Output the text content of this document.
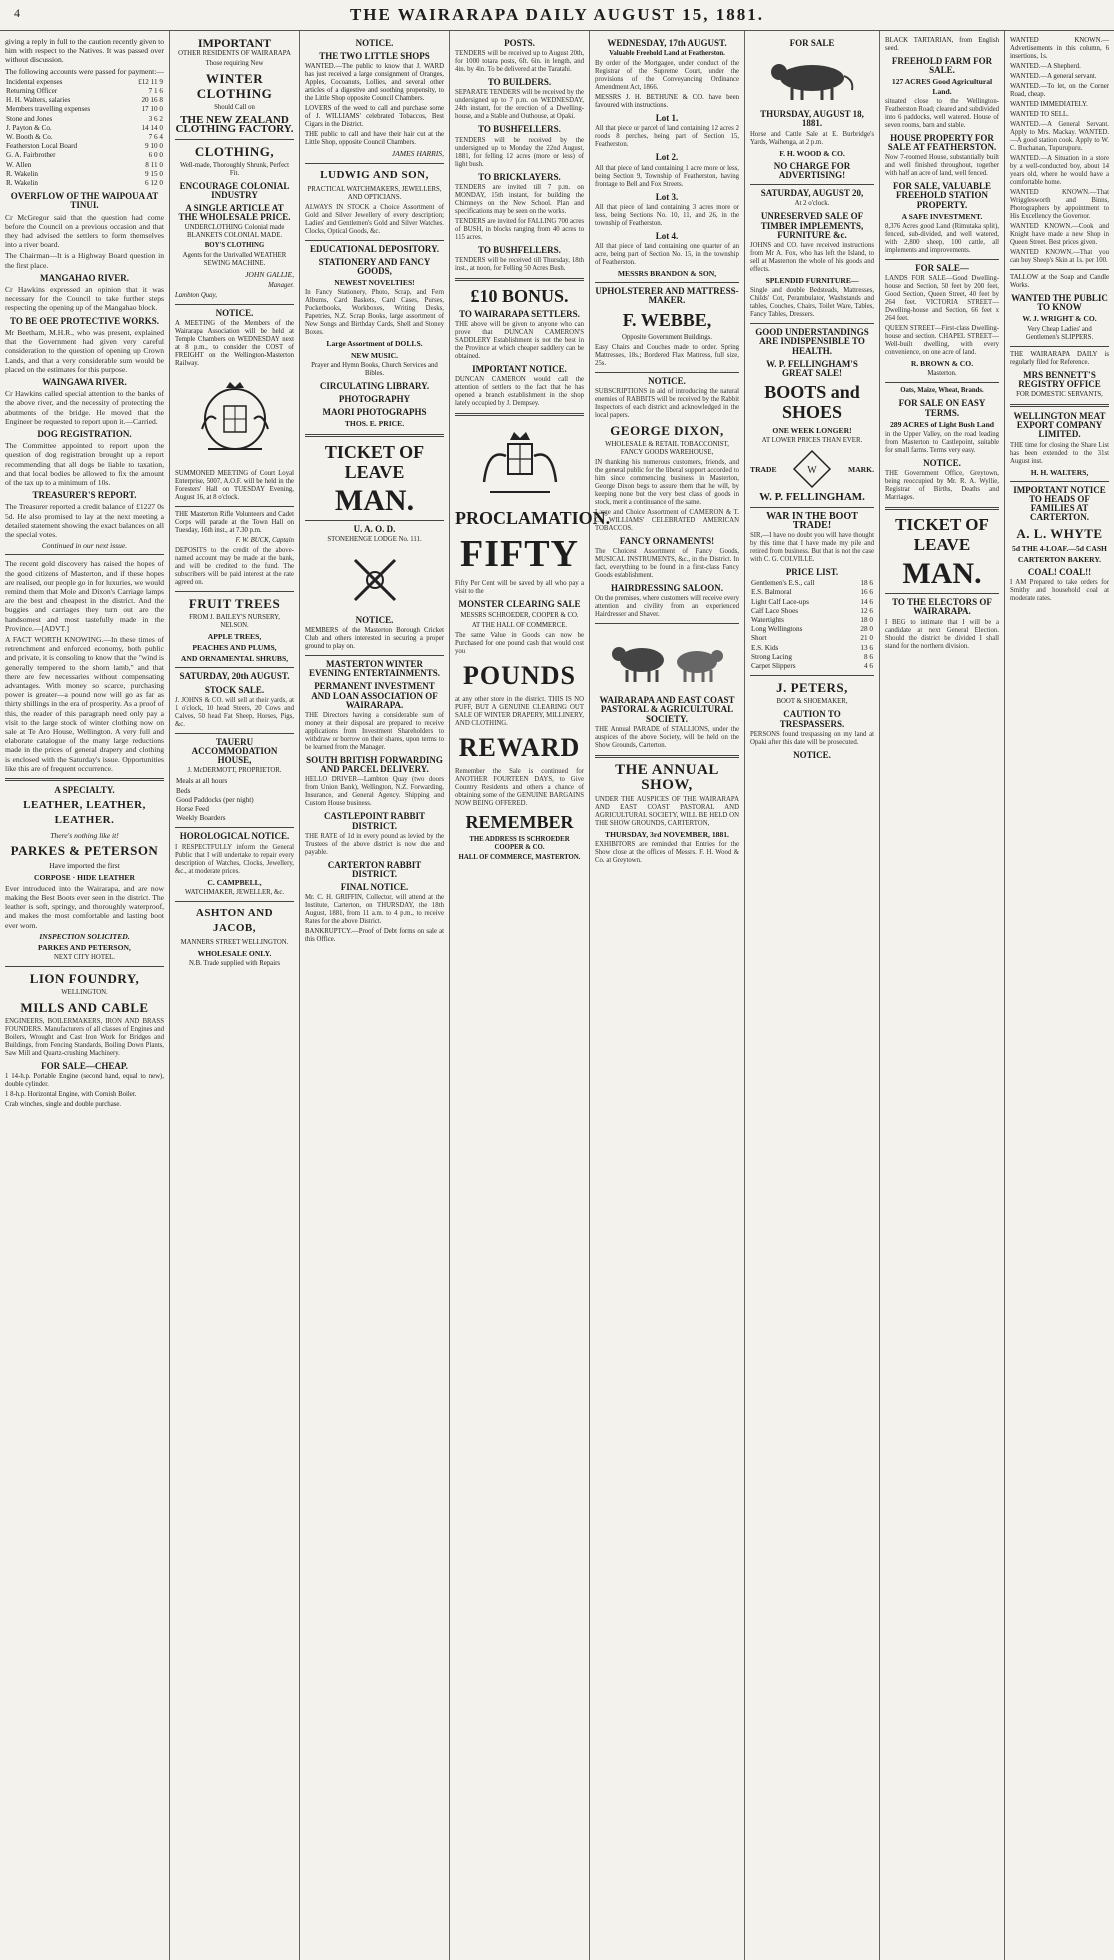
4	THE WAIRARAPA DAILY AUGUST 15, 1881.

giving a reply in full to the caution recently given to him with respect to the Natives. It was passed over without discussion.

The following accounts were passed for payment:—

Incidental expenses	£12 11 9
Returning Officer	7 1 6
H. H. Walters, salaries	20 16 8
Members travelling expenses	17 10 0
Stone and Jones	3 6 2
J. Payton & Co.	14 14 0
W. Booth & Co.	7 6 4
Featherston Local Board	9 10 0
G. A. Fairbrother	6 0 0
W. Allen	8 11 0
R. Wakelin	9 15 0
R. Wakelin	6 12 0
OVERFLOW OF THE WAIPOUA AT TINUI.

Cr McGregor said that the question had come before the Council on a previous occasion and that they had advised the settlers to form themselves into a river board.

The Chairman—It is a Highway Board question in the first place.

MANGAHAO RIVER.

Cr Hawkins expressed an opinion that it was necessary for the Council to take further steps respecting the opening up of the Mangahao block.

TO BE OEE PROTECTIVE WORKS.

Mr Beetham, M.H.R., who was present, explained that the Government had given very careful consideration to the question of opening up Crown Lands, and that a very considerable sum would be placed on the estimates for this purpose.

WAINGAWA RIVER.

Cr Hawkins called special attention to the banks of the above river, and the necessity of protecting the abutments of the bridge. He moved that the Engineer be requested to report upon it.—Carried.

DOG REGISTRATION.

The Committee appointed to report upon the question of dog registration brought up a report recommending that all dogs be liable to taxation, and that local bodies be allowed to fix the amount of the tax up to a minimum of 10s.

TREASURER'S REPORT.

The Treasurer reported a credit balance of £1227 0s 5d. He also promised to lay at the next meeting a detailed statement showing the exact balances on all the special votes.

Continued in our next issue.

The recent gold discovery has raised the hopes of the good citizens of Masterton, and if these hopes are realised, our people go in for luxuries, we would remind them that Mole and Dixon's Carriage lamps are the best and cheapest in the district. And the buggies and carriages they turn out are the handsomest and most tastefully made in the Province.—[ADVT.]

A FACT WORTH KNOWING.—In these times of retrenchment and enforced economy, both public and private, it is consoling to know that the "wind is generally tempered to the shorn lamb," and that there are few necessaries without compensating advantages. With money so scarce, purchasing power is greater—a pound now will go as far as thirty shillings in the era of prosperity. As a proof of this, the reader of this paragraph need only pay a visit to the large stock of winter clothing now on sale at Te Aro House, Wellington. A very full and elaborate catalogue of the many large reductions made in the prices of general drapery and clothing is enclosed with the Saturday's issue. Opportunities like this are of frequent occurrence.

A SPECIALTY.
LEATHER, LEATHER, LEATHER.

There's nothing like it!

PARKES & PETERSON

Have imported the first

CORPOSE · HIDE LEATHER

Ever introduced into the Wairarapa, and are now making the Best Boots ever seen in the district. The leather is soft, springy, and thoroughly waterproof, and makes the most comfortable and lasting boot ever worn.

INSPECTION SOLICITED.

PARKES AND PETERSON,

NEXT CITY HOTEL.

LION FOUNDRY,

WELLINGTON.

MILLS AND CABLE

ENGINEERS, BOILERMAKERS, IRON AND BRASS FOUNDERS. Manufacturers of all classes of Engines and Boilers, Wrought and Cast Iron Work for Bridges and Buildings, from Fencing Standards, Boiling Down Plants, Saw Mill and Quartz-crushing Machinery.

FOR SALE—CHEAP.

1 14-h.p. Portable Engine (second hand, equal to new), double cylinder.

1 8-h.p. Horizontal Engine, with Cornish Boiler.

Crab winches, single and double purchase.

IMPORTANT

OTHER RESIDENTS OF WAIRARAPA

Those requiring New

WINTER CLOTHING

Should Call on

THE NEW ZEALAND CLOTHING FACTORY.
CLOTHING,

Well-made, Thoroughly Shrunk, Perfect Fit.

ENCOURAGE COLONIAL INDUSTRY
A SINGLE ARTICLE AT THE WHOLESALE PRICE.

UNDERCLOTHING Colonial made BLANKETS COLONIAL MADE.

BOY'S CLOTHING

Agents for the Unrivalled WEATHER SEWING MACHINE.

JOHN GALLIE,

Manager.

Lambton Quay,

NOTICE.

A MEETING of the Members of the Wairarapa Association will be held at Temple Chambers on WEDNESDAY next at 8 p.m., to consider the COST of FREIGHT on the Wellington-Masterton Railway.

SUMMONED MEETING of Court Loyal Enterprise, 5007, A.O.F. will be held in the Foresters' Hall on TUESDAY Evening, August 16, at 8 o'clock.

THE Masterton Rifle Volunteers and Cadet Corps will parade at the Town Hall on Tuesday, 16th inst., at 7.30 p.m.

F. W. BUCK, Captain

DEPOSITS to the credit of the above-named account may be made at the bank, and will be credited to the fund. The subscribers will be paid interest at the rate agreed on.

FRUIT TREES

FROM J. BAILEY'S NURSERY, NELSON.

APPLE TREES,

PEACHES AND PLUMS,

AND ORNAMENTAL SHRUBS,

SATURDAY, 20th AUGUST.
STOCK SALE.

J. JOHNS & CO. will sell at their yards, at 1 o'clock, 10 head Steers, 20 Cows and Calves, 50 head Fat Sheep, Horses, Pigs, &c.

TAUERU ACCOMMODATION HOUSE,

J. McDERMOTT, PROPRIETOR.

Meals at all hours	
Beds	
Good Paddocks (per night)	
Horse Feed	
Weekly Boarders	
HOROLOGICAL NOTICE.

I RESPECTFULLY inform the General Public that I will undertake to repair every description of Watches, Clocks, Jewellery, &c., at moderate prices.

C. CAMPBELL,

WATCHMAKER, JEWELLER, &c.

ASHTON AND JACOB,

MANNERS STREET WELLINGTON.

WHOLESALE ONLY.

N.B. Trade supplied with Repairs

NOTICE.
THE TWO LITTLE SHOPS

WANTED.—The public to know that J. WARD has just received a large consignment of Oranges, Apples, Cocoanuts, Lollies, and several other articles of a digestive and soothing propensity, to the Little Shop opposite Council Chambers.

LOVERS of the weed to call and purchase some of J. WILLIAMS' celebrated Tobaccos, Best Cigars in the District.

THE public to call and have their hair cut at the Little Shop, opposite Council Chambers.

JAMES HARRIS,

LUDWIG AND SON,

PRACTICAL WATCHMAKERS, JEWELLERS, AND OPTICIANS.

ALWAYS IN STOCK a Choice Assortment of Gold and Silver Jewellery of every description; Ladies' and Gentlemen's Gold and Silver Watches. Clocks, Optical Goods, &c.

EDUCATIONAL DEPOSITORY.
STATIONERY AND FANCY GOODS,

NEWEST NOVELTIES!

In Fancy Stationery, Photo, Scrap, and Fern Albums, Card Baskets, Card Cases, Purses, Pocketbooks, Workboxes, Writing Desks, Papetries, N.Z. Scrap Books, large assortment of New Songs and Birthday Cards, Shell and Stoney Boxes.

Large Assortment of DOLLS.

NEW MUSIC.

Prayer and Hymn Books, Church Services and Bibles.

CIRCULATING LIBRARY.
PHOTOGRAPHY
MAORI PHOTOGRAPHS

THOS. E. PRICE.

TICKET OF LEAVE
MAN.
U. A. O. D.

STONEHENGE LODGE No. 111.

NOTICE.

MEMBERS of the Masterton Borough Cricket Club and others interested in securing a proper ground to play on.

MASTERTON WINTER EVENING ENTERTAINMENTS.
PERMANENT INVESTMENT AND LOAN ASSOCIATION OF WAIRARAPA.

THE Directors having a considerable sum of money at their disposal are prepared to receive applications from Investment Shareholders to withdraw or borrow on their shares, upon terms to be learned from the Manager.

SOUTH BRITISH FORWARDING AND PARCEL DELIVERY.

HELLO DRIVER—Lambton Quay (two doors from Union Bank), Wellington, N.Z. Forwarding, Insurance, and General Agency. Shipping and Custom House business.

CASTLEPOINT RABBIT DISTRICT.

THE RATE of 1d in every pound as levied by the Trustees of the above district is now due and payable.

CARTERTON RABBIT DISTRICT.
FINAL NOTICE.

Mr. C. H. GRIFFIN, Collector, will attend at the Institute, Carterton, on THURSDAY, the 18th August, 1881, from 11 a.m. to 4 p.m., to receive Rates for the above District.

BANKRUPTCY.—Proof of Debt forms on sale at this Office.

POSTS.

TENDERS will be received up to August 20th, for 1000 totara posts, 6ft. 6in. in length, and 4in. by 4in. To be delivered at the Taratahi.

TO BUILDERS.

SEPARATE TENDERS will be received by the undersigned up to 7 p.m. on WEDNESDAY, 24th instant, for the erection of a Dwelling-house, and a Stable and Outhouse, at Opaki.

TO BUSHFELLERS.

TENDERS will be received by the undersigned up to Monday the 22nd August, 1881, for felling 12 acres (more or less) of light bush.

TO BRICKLAYERS.

TENDERS are invited till 7 p.m. on MONDAY, 15th instant, for building the Chimneys on the New School. Plan and specifications may be seen on the works.

TENDERS are invited for FALLING 700 acres of BUSH, in blocks ranging from 40 acres to 115 acres.

TO BUSHFELLERS.

TENDERS will be received till Thursday, 18th inst., at noon, for Felling 50 Acres Bush.

£10 BONUS.
TO WAIRARAPA SETTLERS.

THE above will be given to anyone who can prove that DUNCAN CAMERON'S SADDLERY Establishment is not the best in the Province at which cheaper saddlery can be obtained.

IMPORTANT NOTICE.

DUNCAN CAMERON would call the attention of settlers to the fact that he has opened a branch establishment in the shop lately occupied by J. Dempsey.

PROCLAMATION.
FIFTY

Fifty Per Cent will be saved by all who pay a visit to the

MONSTER CLEARING SALE

MESSRS SCHROEDER, COOPER & CO.

AT THE HALL OF COMMERCE.

The same Value in Goods can now be Purchased for one pound cash that would cost you

POUNDS

at any other store in the district. THIS IS NO PUFF, BUT A GENUINE CLEARING OUT SALE OF WINTER DRAPERY, MILLINERY, AND CLOTHING.

REWARD

Remember the Sale is continued for ANOTHER FOURTEEN DAYS, to Give Country Residents and others a chance of obtaining some of the GENUINE BARGAINS NOW BEING OFFERED.

REMEMBER

THE ADDRESS IS SCHROEDER COOPER & CO.

HALL OF COMMERCE, MASTERTON.

WEDNESDAY, 17th AUGUST.

Valuable Freehold Land at Featherston.

By order of the Mortgagee, under conduct of the Registrar of the Supreme Court, under the provisions of the Conveyancing Ordinance Amendment Act, 1866.

MESSRS J. H. BETHUNE & CO. have been favoured with instructions.

Lot 1.

All that piece or parcel of land containing 12 acres 2 roods 8 perches, being part of Section 15, Featherston.

Lot 2.

All that piece of land containing 1 acre more or less, being Section 9, Township of Featherston, having frontage to Bell and Fox Streets.

Lot 3.

All that piece of land containing 3 acres more or less, being Sections No. 10, 11, and 26, in the township of Featherston.

Lot 4.

All that piece of land containing one quarter of an acre, being part of Section No. 15, in the township of Featherston.

MESSRS BRANDON & SON,

UPHOLSTERER AND MATTRESS-MAKER.
F. WEBBE,

Opposite Government Buildings.

Easy Chairs and Couches made to order. Spring Mattresses, 18s.; Bordered Flax Mattress, full size, 25s.

NOTICE.

SUBSCRIPTIONS in aid of introducing the natural enemies of RABBITS will be received by the Rabbit Inspectors of each district and acknowledged in the local papers.

GEORGE DIXON,

WHOLESALE & RETAIL TOBACCONIST, FANCY GOODS WAREHOUSE,

IN thanking his numerous customers, friends, and the general public for the liberal support accorded to him since commencing business in Masterton, George Dixon begs to assure them that he will, by keeping none but the very best class of goods in stock, merit a continuance of the same.

Large and Choice Assortment of CAMERON & T. C. WILLIAMS' CELEBRATED AMERICAN TOBACCOS.

FANCY ORNAMENTS!

The Choicest Assortment of Fancy Goods, MUSICAL INSTRUMENTS, &c., in the District. In fact, everything to be found in a first-class Fancy Goods establishment.

HAIRDRESSING SALOON.

On the premises, where customers will receive every attention and civility from an experienced Hairdresser and Shaver.

WAIRARAPA AND EAST COAST PASTORAL & AGRICULTURAL SOCIETY.

THE Annual PARADE of STALLIONS, under the auspices of the above Society, will be held on the Show Grounds, Carterton.

THE ANNUAL SHOW,

UNDER THE AUSPICES OF THE WAIRARAPA AND EAST COAST PASTORAL AND AGRICULTURAL SOCIETY, WILL BE HELD ON THE SHOW GROUNDS, CARTERTON,

THURSDAY, 3rd NOVEMBER, 1881.

EXHIBITORS are reminded that Entries for the Show close at the offices of Messrs. F. H. Wood & Co. at Greytown.

FOR SALE
THURSDAY, AUGUST 18, 1881.

Horse and Cattle Sale at E. Burbridge's Yards, Waihenga, at 2 p.m.

F. H. WOOD & CO.

NO CHARGE FOR ADVERTISING!
SATURDAY, AUGUST 20,

At 2 o'clock.

UNRESERVED SALE OF TIMBER IMPLEMENTS, FURNITURE &c.

JOHNS and CO. have received instructions from Mr A. Fox, who has left the Island, to sell at Masterton the whole of his goods and effects.

SPLENDID FURNITURE—

Single and double Bedsteads, Mattresses, Childs' Cot, Perambulator, Washstands and tables, Couches, Chairs, Toilet Ware, Tables, Fancy Tables, Dressers.

GOOD UNDERSTANDINGS ARE INDISPENSIBLE TO HEALTH.
W. P. FELLINGHAM'S GREAT SALE!
BOOTS and SHOES

ONE WEEK LONGER!

AT LOWER PRICES THAN EVER.

TRADE	W	MARK.
W. P. FELLINGHAM.
WAR IN THE BOOT TRADE!

SIR,—I have no doubt you will have thought by this time that I have made my pile and retired from business. But that is not the case with C. G. COLVILLE.

PRICE LIST.
Gentlemen's E.S., call	18 6
E.S. Balmoral	16 6
Light Calf Lace-ups	14 6
Calf Lace Shoes	12 6
Watertights	18 0
Long Wellingtons	28 0
Short	21 0
E.S. Kids	13 6
Strong Lacing	8 6
Carpet Slippers	4 6
J. PETERS,

BOOT & SHOEMAKER,

CAUTION TO TRESPASSERS.

PERSONS found trespassing on my land at Opaki after this date will be prosecuted.

NOTICE.

BLACK TARTARIAN, from English seed.

FREEHOLD FARM FOR SALE.

127 ACRES Good Agricultural Land.

situated close to the Wellington-Featherston Road; cleared and subdivided into 6 paddocks, well watered. House of seven rooms, barn and stable.

HOUSE PROPERTY FOR SALE AT FEATHERSTON.

Now 7-roomed House, substantially built and well finished throughout, together with half an acre of land, well fenced.

FOR SALE, VALUABLE FREEHOLD STATION PROPERTY.

A SAFE INVESTMENT.

8,376 Acres good Land (Rimutaka split), fenced, sub-divided, and well watered, with 2,800 sheep, 100 cattle, all implements and improvements.

FOR SALE—

LANDS FOR SALE—Good Dwelling-house and Section, 50 feet by 200 feet, Good Section, Queen Street, 40 feet by 264 feet. VICTORIA STREET—Dwelling-house and Section, 66 feet x 264 feet.

QUEEN STREET—First-class Dwelling-house and section. CHAPEL STREET—Well-built dwelling, with every convenience, on one acre of land.

R. BROWN & CO.

Masterton.

Oats, Maize, Wheat, Brands.

FOR SALE ON EASY TERMS.

289 ACRES of Light Bush Land

in the Upper Valley, on the road leading from Masterton to Castlepoint, suitable for small farms. Terms very easy.

NOTICE.

THE Government Office, Greytown, being reoccupied by Mr. R. A. Wyllie, Registrar of Births, Deaths and Marriages.

TICKET OF LEAVE
MAN.
TO THE ELECTORS OF WAIRARAPA.

I BEG to intimate that I will be a candidate at next General Election. Should the district be divided I shall stand for the northern division.

WANTED KNOWN.—Advertisements in this column, 6 insertions, 1s.

WANTED.—A Shepherd.

WANTED.—A general servant.

WANTED.—To let, on the Corner Road, cheap.

WANTED IMMEDIATELY.

WANTED TO SELL.

WANTED.—A General Servant. Apply to Mrs. Mackay. WANTED.—A good station cook. Apply to W. C. Buchanan, Tupurupuru.

WANTED.—A Situation in a store by a well-conducted boy, about 14 years old, where he would have a comfortable home.

WANTED KNOWN.—That Wrigglesworth and Binns, Photographers by appointment to His Excellency the Governor.

WANTED KNOWN.—Cook and Knight have made a new Shop in Queen Street. Best prices given.

WANTED KNOWN.—That you can buy Sheep's Skin at 1s. per 100.

TALLOW at the Soap and Candle Works.

WANTED THE PUBLIC TO KNOW

W. J. WRIGHT & CO.

Very Cheap Ladies' and Gentlemen's SLIPPERS.

THE WAIRARAPA DAILY is regularly filed for Reference.

MRS BENNETT'S REGISTRY OFFICE

FOR DOMESTIC SERVANTS,

WELLINGTON MEAT EXPORT COMPANY LIMITED.

THE time for closing the Share List has been extended to the 31st August inst.

H. H. WALTERS,

IMPORTANT NOTICE TO HEADS OF FAMILIES AT CARTERTON.
A. L. WHYTE

5d THE 4-LOAF.—5d CASH

CARTERTON BAKERY.

COAL! COAL!!

I AM Prepared to take orders for Smithy and household coal at moderate rates.
